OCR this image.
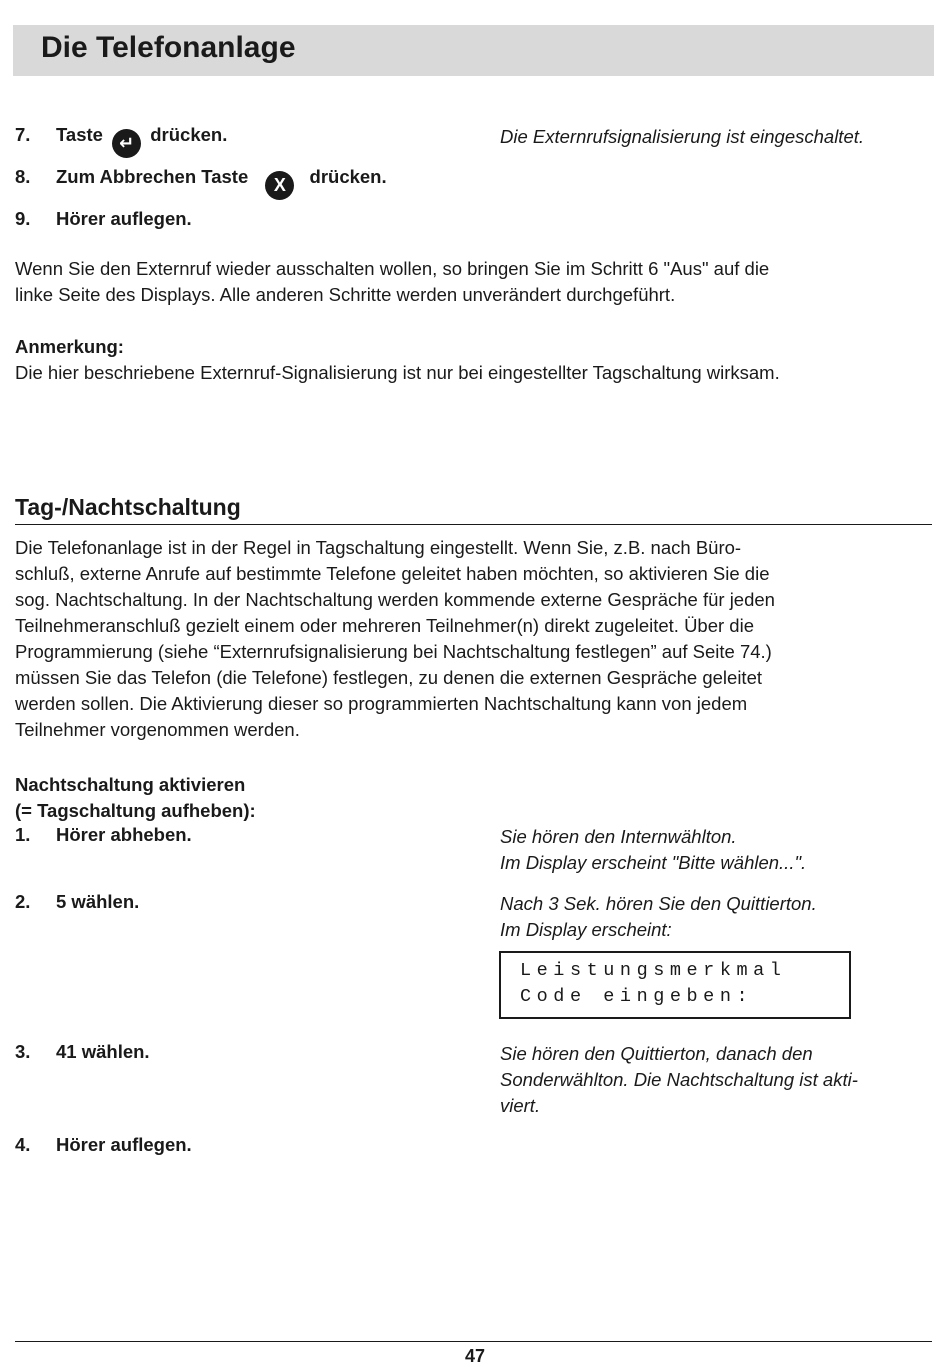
Die Telefonanlage
7. Taste ↵ drücken.	Die Externrufsignalisierung ist eingeschaltet.
8. Zum Abbrechen Taste X drücken.
9. Hörer auflegen.
Wenn Sie den Externruf wieder ausschalten wollen, so bringen Sie im Schritt 6 "Aus" auf die
linke Seite des Displays. Alle anderen Schritte werden unverändert durchgeführt.
Anmerkung:
Die hier beschriebene Externruf-Signalisierung ist nur bei eingestellter Tagschaltung wirksam.
Tag-/Nachtschaltung
Die Telefonanlage ist in der Regel in Tagschaltung eingestellt. Wenn Sie, z.B. nach Büro-
schluß, externe Anrufe auf bestimmte Telefone geleitet haben möchten, so aktivieren Sie die
sog. Nachtschaltung. In der Nachtschaltung werden kommende externe Gespräche für jeden
Teilnehmeranschluß gezielt einem oder mehreren Teilnehmer(n) direkt zugeleitet. Über die
Programmierung (siehe “Externrufsignalisierung bei Nachtschaltung festlegen” auf Seite 74.)
müssen Sie das Telefon (die Telefone) festlegen, zu denen die externen Gespräche geleitet
werden sollen. Die Aktivierung dieser so programmierten Nachtschaltung kann von jedem
Teilnehmer vorgenommen werden.
Nachtschaltung aktivieren
(= Tagschaltung aufheben):
1. Hörer abheben.	Sie hören den Internwählton.
Im Display erscheint "Bitte wählen...".
2. 5 wählen.	Nach 3 Sek. hören Sie den Quittierton.
Im Display erscheint:
Leistungsmerkmal
Code eingeben:
3. 41 wählen.	Sie hören den Quittierton, danach den
Sonderwählton. Die Nachtschaltung ist akti-
viert.
4. Hörer auflegen.
47
